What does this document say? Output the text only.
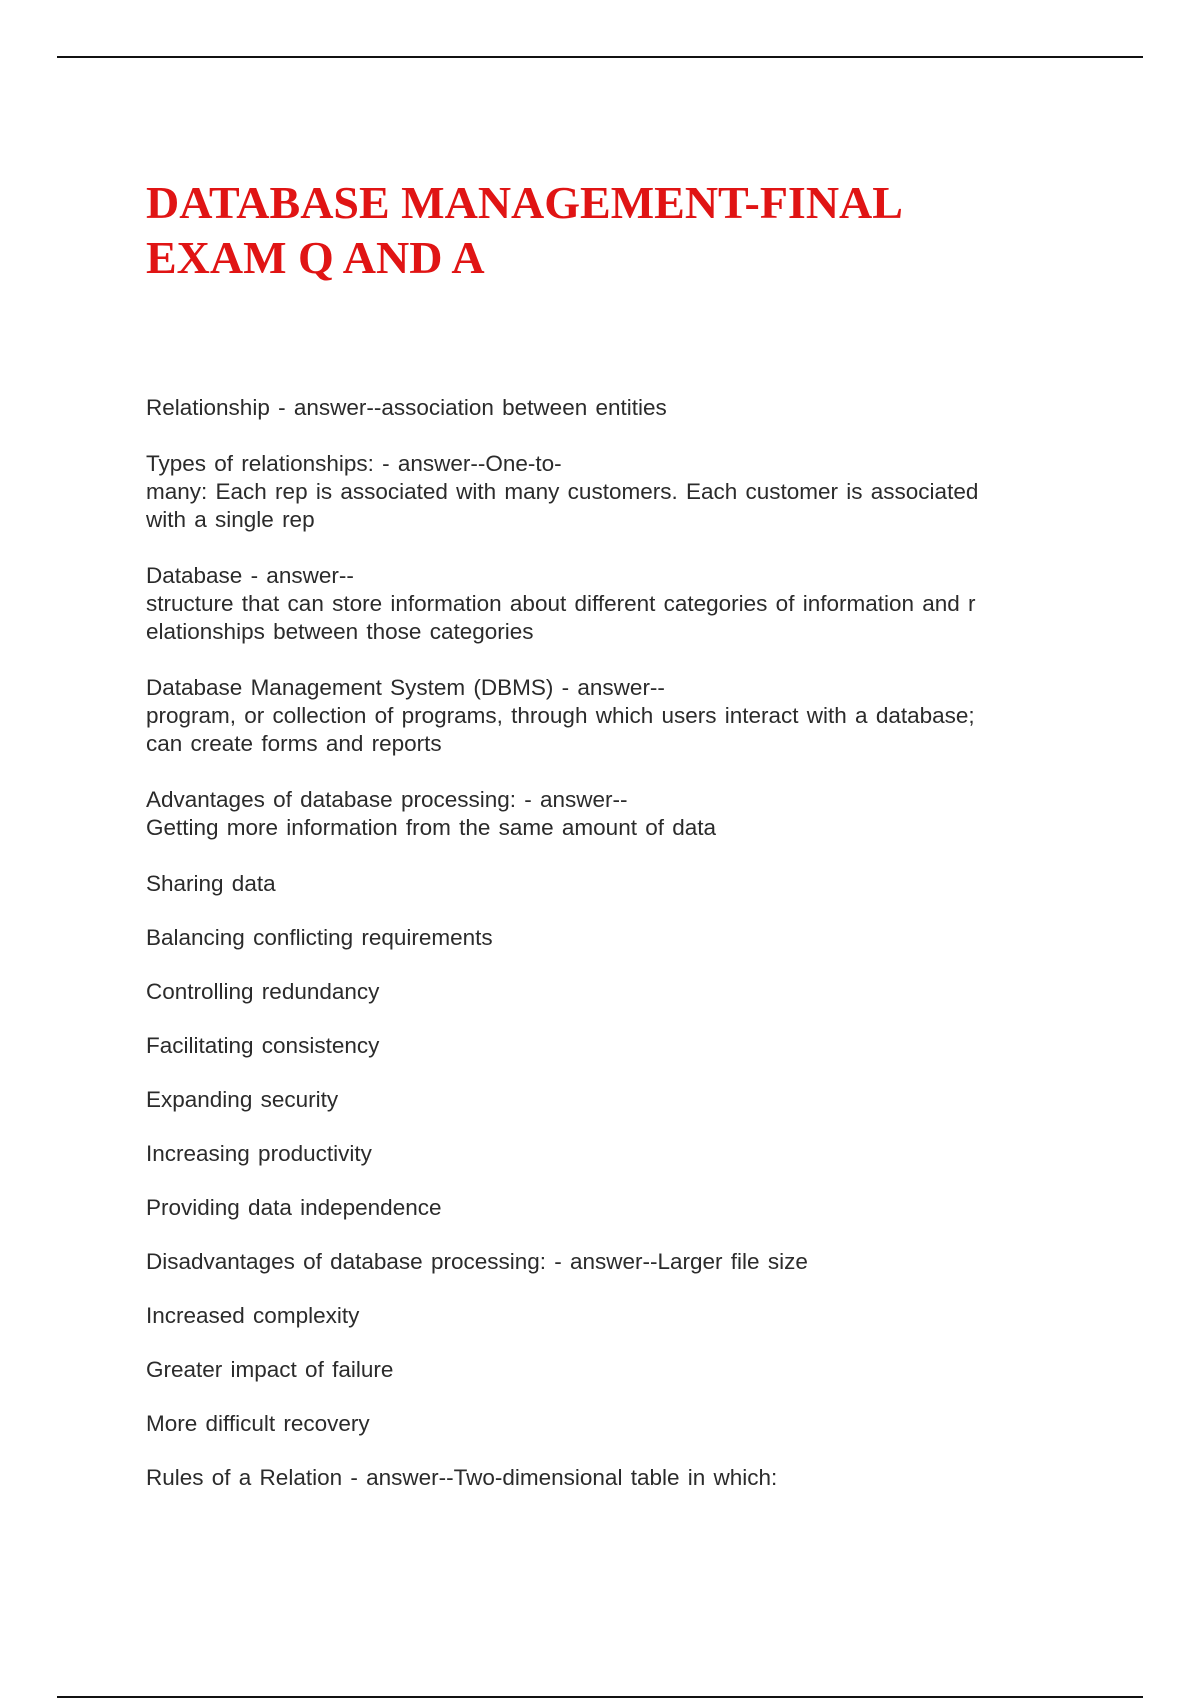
DATABASE MANAGEMENT-FINAL
EXAM Q AND A

Relationship - answer--association between entities

Types of relationships: - answer--One-to-
many: Each rep is associated with many customers. Each customer is associated
with a single rep

Database - answer--
structure that can store information about different categories of information and r
elationships between those categories

Database Management System (DBMS) - answer--
program, or collection of programs, through which users interact with a database;
can create forms and reports

Advantages of database processing: - answer--
Getting more information from the same amount of data

Sharing data

Balancing conflicting requirements

Controlling redundancy

Facilitating consistency

Expanding security

Increasing productivity

Providing data independence

Disadvantages of database processing: - answer--Larger file size

Increased complexity

Greater impact of failure

More difficult recovery

Rules of a Relation - answer--Two-dimensional table in which:
